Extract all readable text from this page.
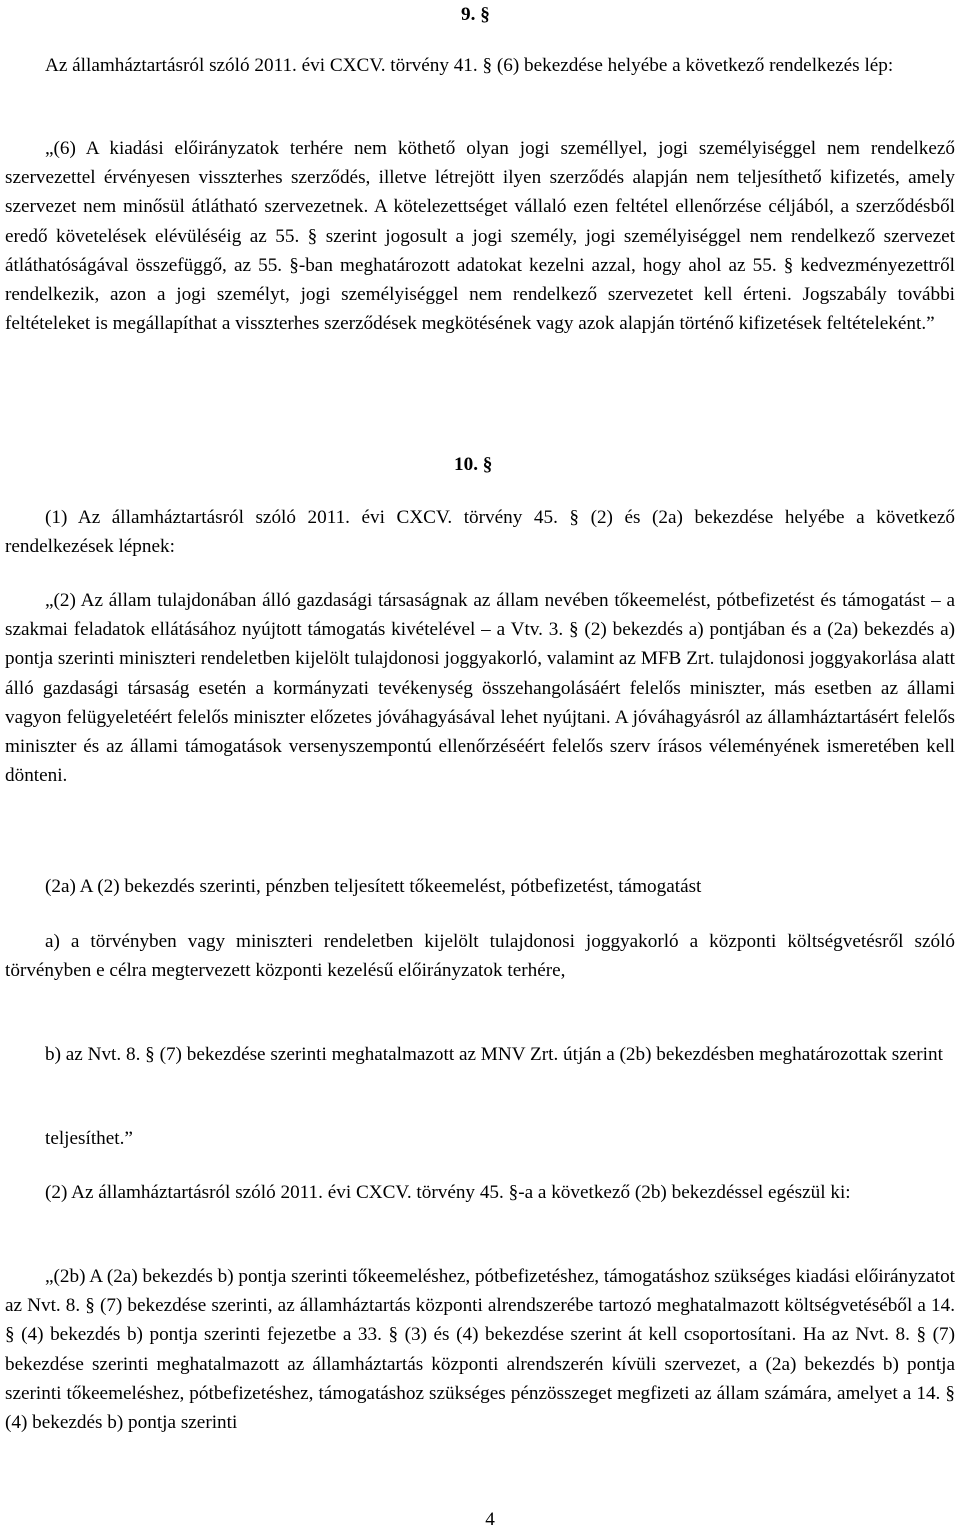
9. §

Az államháztartásról szóló 2011. évi CXCV. törvény 41. § (6) bekezdése helyébe a következő rendelkezés lép:

„(6) A kiadási előirányzatok terhére nem köthető olyan jogi személlyel, jogi személyiséggel nem rendelkező szervezettel érvényesen visszterhes szerződés, illetve létrejött ilyen szerződés alapján nem teljesíthető kifizetés, amely szervezet nem minősül átlátható szervezetnek. A kötelezettséget vállaló ezen feltétel ellenőrzése céljából, a szerződésből eredő követelések elévüléséig az 55. § szerint jogosult a jogi személy, jogi személyiséggel nem rendelkező szervezet átláthatóságával összefüggő, az 55. §-ban meghatározott adatokat kezelni azzal, hogy ahol az 55. § kedvezményezettről rendelkezik, azon a jogi személyt, jogi személyiséggel nem rendelkező szervezetet kell érteni. Jogszabály további feltételeket is megállapíthat a visszterhes szerződések megkötésének vagy azok alapján történő kifizetések feltételeként.”

10. §

(1) Az államháztartásról szóló 2011. évi CXCV. törvény 45. § (2) és (2a) bekezdése helyébe a következő rendelkezések lépnek:

„(2) Az állam tulajdonában álló gazdasági társaságnak az állam nevében tőkeemelést, pótbefizetést és támogatást – a szakmai feladatok ellátásához nyújtott támogatás kivételével – a Vtv. 3. § (2) bekezdés a) pontjában és a (2a) bekezdés a) pontja szerinti miniszteri rendeletben kijelölt tulajdonosi joggyakorló, valamint az MFB Zrt. tulajdonosi joggyakorlása alatt álló gazdasági társaság esetén a kormányzati tevékenység összehangolásáért felelős miniszter, más esetben az állami vagyon felügyeletéért felelős miniszter előzetes jóváhagyásával lehet nyújtani. A jóváhagyásról az államháztartásért felelős miniszter és az állami támogatások versenyszempontú ellenőrzéséért felelős szerv írásos véleményének ismeretében kell dönteni.

(2a) A (2) bekezdés szerinti, pénzben teljesített tőkeemelést, pótbefizetést, támogatást

a) a törvényben vagy miniszteri rendeletben kijelölt tulajdonosi joggyakorló a központi költségvetésről szóló törvényben e célra megtervezett központi kezelésű előirányzatok terhére,

b) az Nvt. 8. § (7) bekezdése szerinti meghatalmazott az MNV Zrt. útján a (2b) bekezdésben meghatározottak szerint

teljesíthet.”

(2) Az államháztartásról szóló 2011. évi CXCV. törvény 45. §-a a következő (2b) bekezdéssel egészül ki:

„(2b) A (2a) bekezdés b) pontja szerinti tőkeemeléshez, pótbefizetéshez, támogatáshoz szükséges kiadási előirányzatot az Nvt. 8. § (7) bekezdése szerinti, az államháztartás központi alrendszerébe tartozó meghatalmazott költségvetéséből a 14. § (4) bekezdés b) pontja szerinti fejezetbe a 33. § (3) és (4) bekezdése szerint át kell csoportosítani. Ha az Nvt. 8. § (7) bekezdése szerinti meghatalmazott az államháztartás központi alrendszerén kívüli szervezet, a (2a) bekezdés b) pontja szerinti tőkeemeléshez, pótbefizetéshez, támogatáshoz szükséges pénzösszeget megfizeti az állam számára, amelyet a 14. § (4) bekezdés b) pontja szerinti

4
